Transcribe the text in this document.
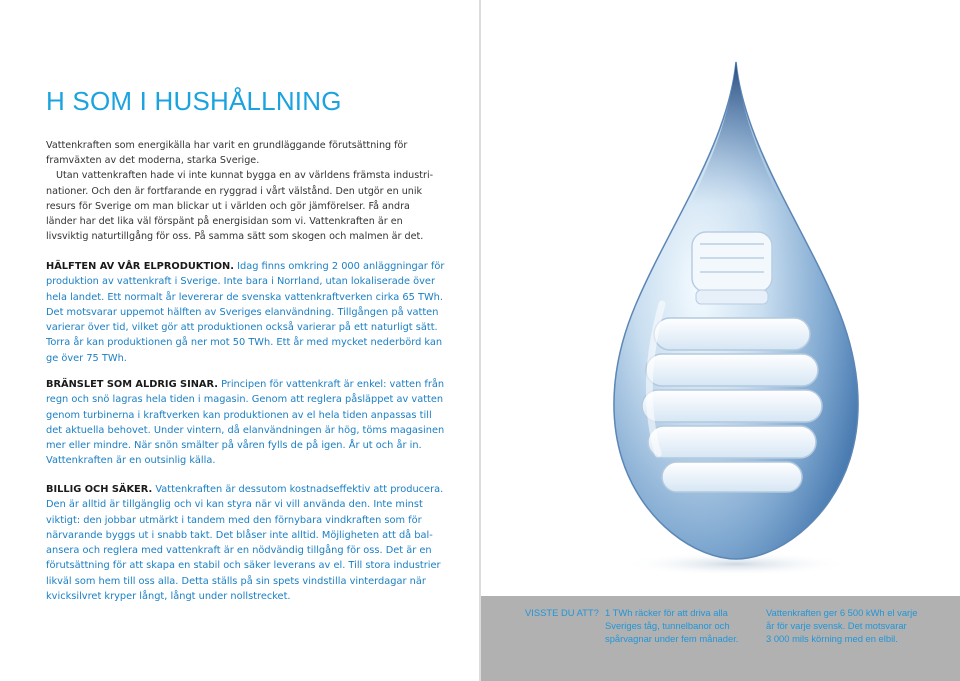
H SOM I HUSHÅLLNING

Vattenkraften som energikälla har varit en grundläggande förutsättning för
framväxten av det moderna, starka Sverige.

Utan vattenkraften hade vi inte kunnat bygga en av världens främsta industri-
nationer. Och den är fortfarande en ryggrad i vårt välstånd. Den utgör en unik
resurs för Sverige om man blickar ut i världen och gör jämförelser. Få andra
länder har det lika väl förspänt på energisidan som vi. Vattenkraften är en
livsviktig naturtillgång för oss. På samma sätt som skogen och malmen är det.

HÄLFTEN AV VÅR ELPRODUKTION. Idag finns omkring 2 000 anläggningar för
produktion av vattenkraft i Sverige. Inte bara i Norrland, utan lokaliserade över
hela landet. Ett normalt år levererar de svenska vattenkraftverken cirka 65 TWh.
Det motsvarar uppemot hälften av Sveriges elanvändning. Tillgången på vatten
varierar över tid, vilket gör att produktionen också varierar på ett naturligt sätt.
Torra år kan produktionen gå ner mot 50 TWh. Ett år med mycket nederbörd kan
ge över 75 TWh.

BRÄNSLET SOM ALDRIG SINAR. Principen för vattenkraft är enkel: vatten från
regn och snö lagras hela tiden i magasin. Genom att reglera påsläppet av vatten
genom turbinerna i kraftverken kan produktionen av el hela tiden anpassas till
det aktuella behovet. Under vintern, då elanvändningen är hög, töms magasinen
mer eller mindre. När snön smälter på våren fylls de på igen. År ut och år in.
Vattenkraften är en outsinlig källa.

BILLIG OCH SÄKER. Vattenkraften är dessutom kostnadseffektiv att producera.
Den är alltid är tillgänglig och vi kan styra när vi vill använda den. Inte minst
viktigt: den jobbar utmärkt i tandem med den förnybara vindkraften som för
närvarande byggs ut i snabb takt. Det blåser inte alltid. Möjligheten att då bal-
ansera och reglera med vattenkraft är en nödvändig tillgång för oss. Det är en
förutsättning för att skapa en stabil och säker leverans av el. Till stora industrier
likväl som hem till oss alla. Detta ställs på sin spets vindstilla vinterdagar när
kvicksilvret kryper långt, långt under nollstrecket.

VISSTE DU ATT? 1 TWh räcker för att driva alla
Sveriges tåg, tunnelbanor och
spårvagnar under fem månader.
Vattenkraften ger 6 500 kWh el varje
år för varje svensk. Det motsvarar
3 000 mils körning med en elbil.
